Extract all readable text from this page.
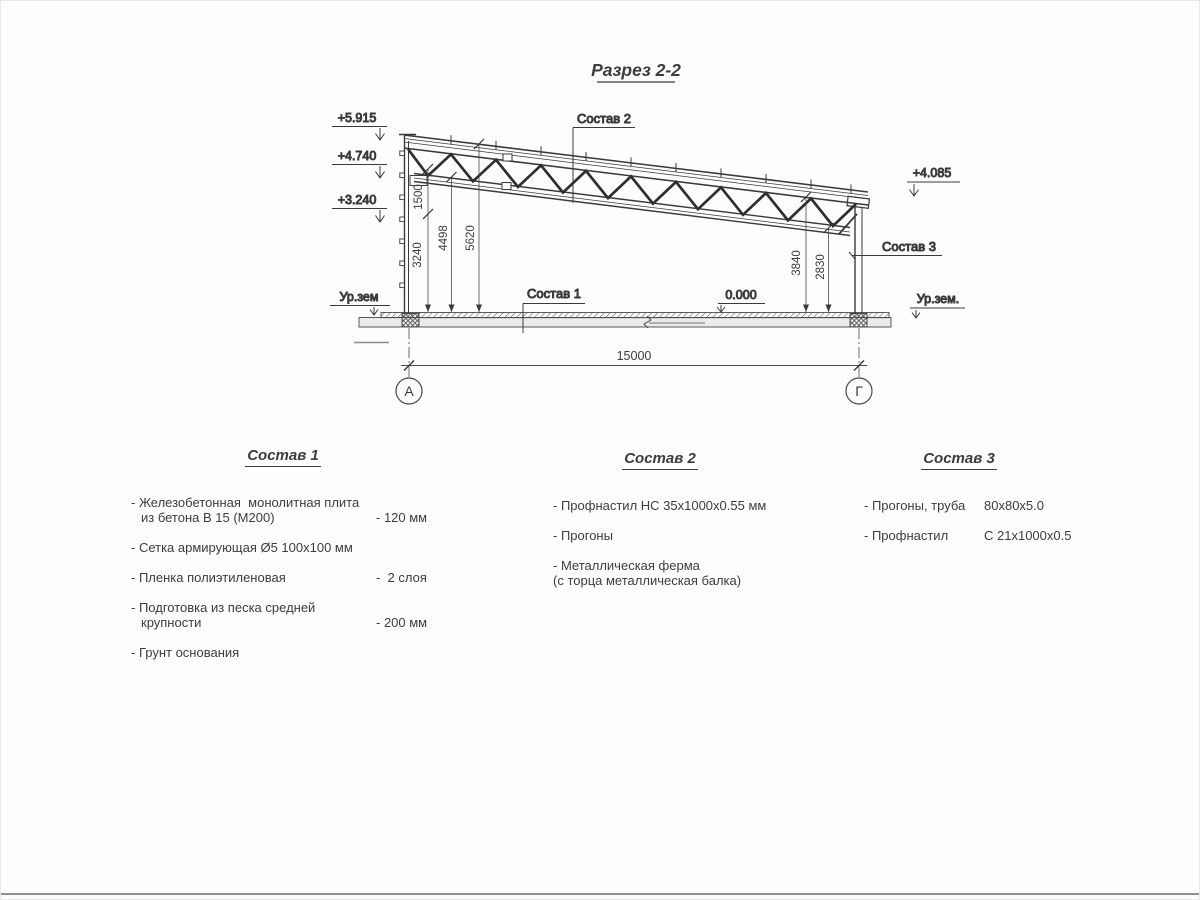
Разрез 2-2
+5.915
+4.740
+3.240
+4.085
0.000
Ур.зем	Ур.зем.
Состав 2
Состав 1
Состав 3
1500
3240
4498 5620
3840 2830
15000
А	Г
Состав 1
- Железобетонная  монолитная плита
из бетона В 15 (М200)	- 120 мм
- Сетка армирующая Ø5 100х100 мм
- Пленка полиэтиленовая	-  2 слоя
- Подготовка из песка средней
крупности	- 200 мм
- Грунт основания
Состав 2
- Профнастил НС 35х1000х0.55 мм
- Прогоны
- Металлическая ферма
(с торца металлическая балка)
Состав 3
- Прогоны, труба 80х80х5.0
- Профнастил	С 21х1000х0.5
